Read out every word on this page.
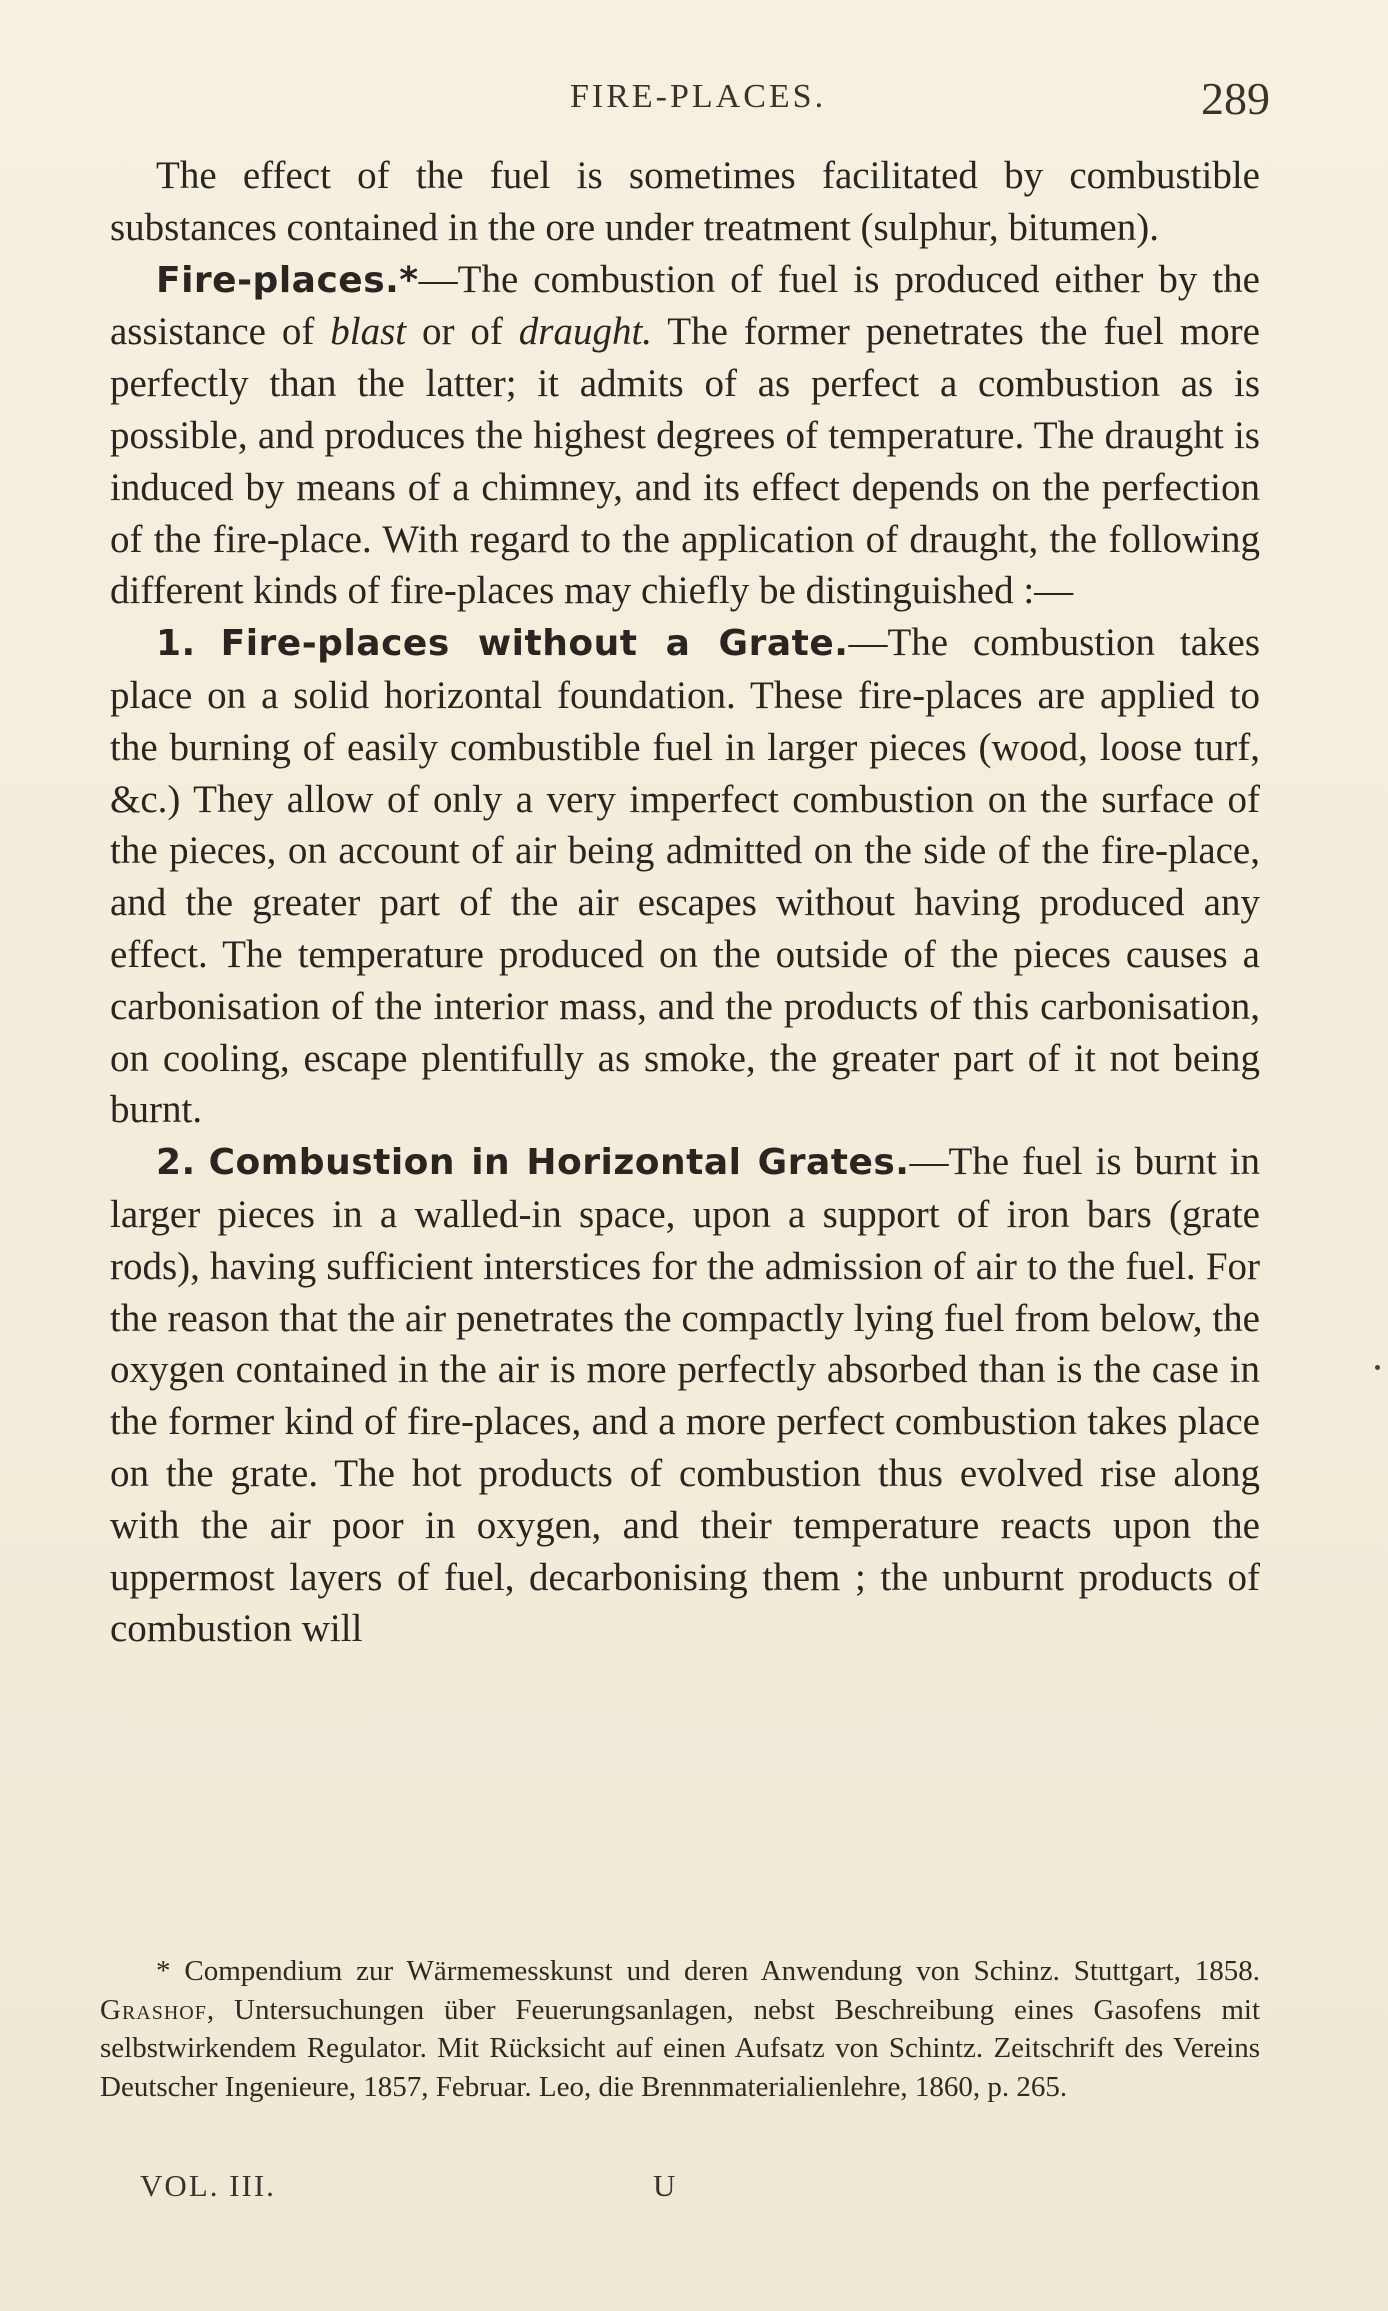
FIRE-PLACES.	289

The effect of the fuel is sometimes facilitated by combustible substances contained in the ore under treatment (sulphur, bitumen).

Fire-places.*—The combustion of fuel is produced either by the assistance of blast or of draught. The former penetrates the fuel more perfectly than the latter; it admits of as perfect a combustion as is possible, and produces the highest degrees of temperature. The draught is induced by means of a chimney, and its effect depends on the perfection of the fire-place. With regard to the application of draught, the following different kinds of fire-places may chiefly be distinguished :—

1. Fire-places without a Grate.—The combustion takes place on a solid horizontal foundation. These fire-places are applied to the burning of easily combustible fuel in larger pieces (wood, loose turf, &c.) They allow of only a very imperfect combustion on the surface of the pieces, on account of air being admitted on the side of the fire-place, and the greater part of the air escapes without having produced any effect. The temperature produced on the outside of the pieces causes a carbonisation of the interior mass, and the products of this carbonisation, on cooling, escape plentifully as smoke, the greater part of it not being burnt.

2. Combustion in Horizontal Grates.—The fuel is burnt in larger pieces in a walled-in space, upon a support of iron bars (grate rods), having sufficient interstices for the admission of air to the fuel. For the reason that the air penetrates the compactly lying fuel from below, the oxygen contained in the air is more perfectly absorbed than is the case in the former kind of fire-places, and a more perfect combustion takes place on the grate. The hot products of combustion thus evolved rise along with the air poor in oxygen, and their temperature reacts upon the uppermost layers of fuel, decarbonising them ; the unburnt products of combustion will

* Compendium zur Wärmemesskunst und deren Anwendung von Schinz. Stuttgart, 1858. Grashof, Untersuchungen über Feuerungsanlagen, nebst Beschreibung eines Gasofens mit selbstwirkendem Regulator. Mit Rücksicht auf einen Aufsatz von Schintz. Zeitschrift des Vereins Deutscher Ingenieure, 1857, Februar. Leo, die Brennmaterialienlehre, 1860, p. 265.

VOL. III.	U
